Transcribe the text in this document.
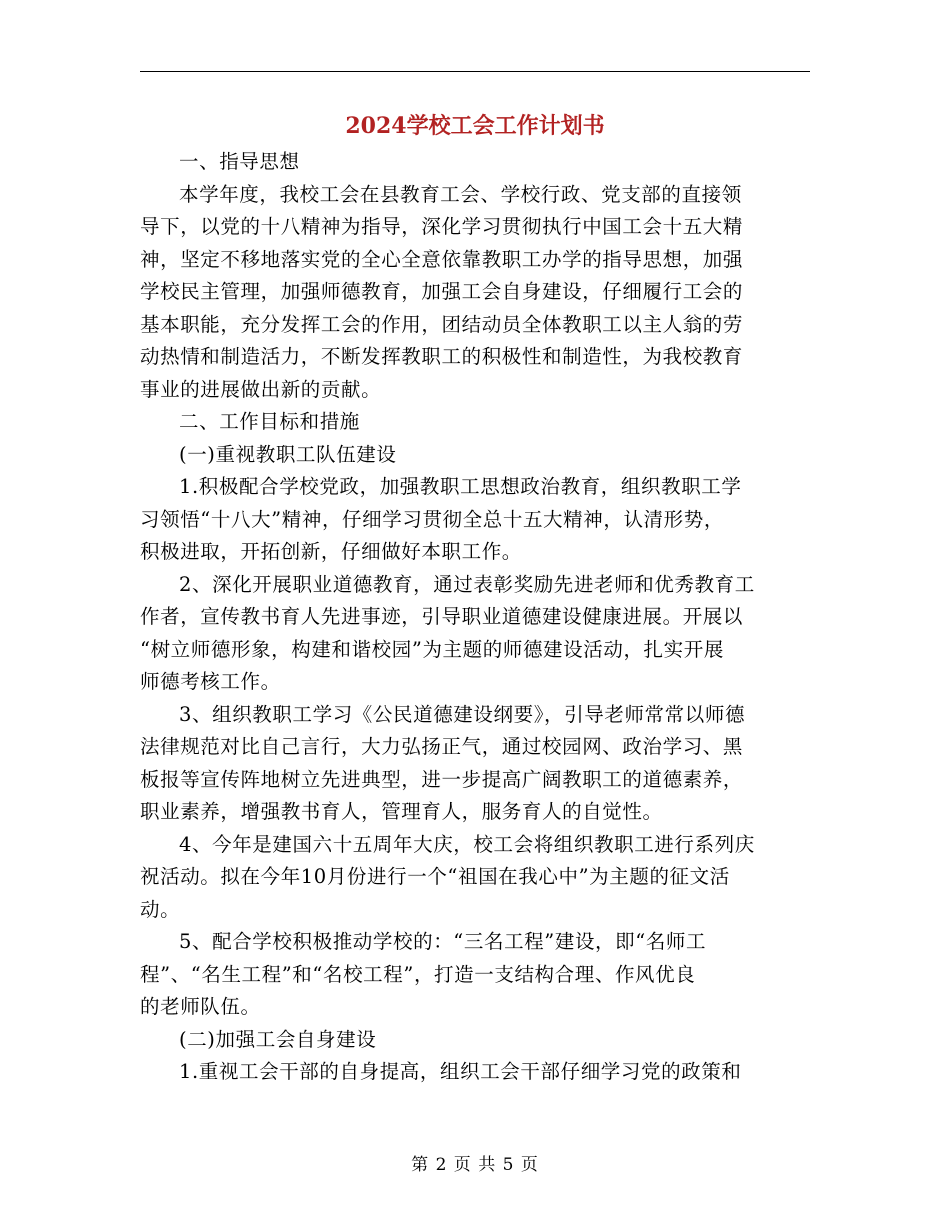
2024学校工会工作计划书

一、指导思想

本学年度，我校工会在县教育工会、学校行政、党支部的直接领
导下，以党的十八精神为指导，深化学习贯彻执行中国工会十五大精
神，坚定不移地落实党的全心全意依靠教职工办学的指导思想，加强
学校民主管理，加强师德教育，加强工会自身建设，仔细履行工会的
基本职能，充分发挥工会的作用，团结动员全体教职工以主人翁的劳
动热情和制造活力，不断发挥教职工的积极性和制造性，为我校教育
事业的进展做出新的贡献。

二、工作目标和措施

(一)重视教职工队伍建设

1.积极配合学校党政，加强教职工思想政治教育，组织教职工学
习领悟“十八大”精神，仔细学习贯彻全总十五大精神，认清形势，
积极进取，开拓创新，仔细做好本职工作。

2、深化开展职业道德教育，通过表彰奖励先进老师和优秀教育工
作者，宣传教书育人先进事迹，引导职业道德建设健康进展。开展以
“树立师德形象，构建和谐校园”为主题的师德建设活动，扎实开展
师德考核工作。

3、组织教职工学习《公民道德建设纲要》，引导老师常常以师德
法律规范对比自己言行，大力弘扬正气，通过校园网、政治学习、黑
板报等宣传阵地树立先进典型，进一步提高广阔教职工的道德素养，
职业素养，增强教书育人，管理育人，服务育人的自觉性。

4、今年是建国六十五周年大庆，校工会将组织教职工进行系列庆
祝活动。拟在今年10月份进行一个“祖国在我心中”为主题的征文活
动。

5、配合学校积极推动学校的：“三名工程”建设，即“名师工
程”、“名生工程”和“名校工程”，打造一支结构合理、作风优良
的老师队伍。

(二)加强工会自身建设

1.重视工会干部的自身提高，组织工会干部仔细学习党的政策和

第 2 页 共 5 页
